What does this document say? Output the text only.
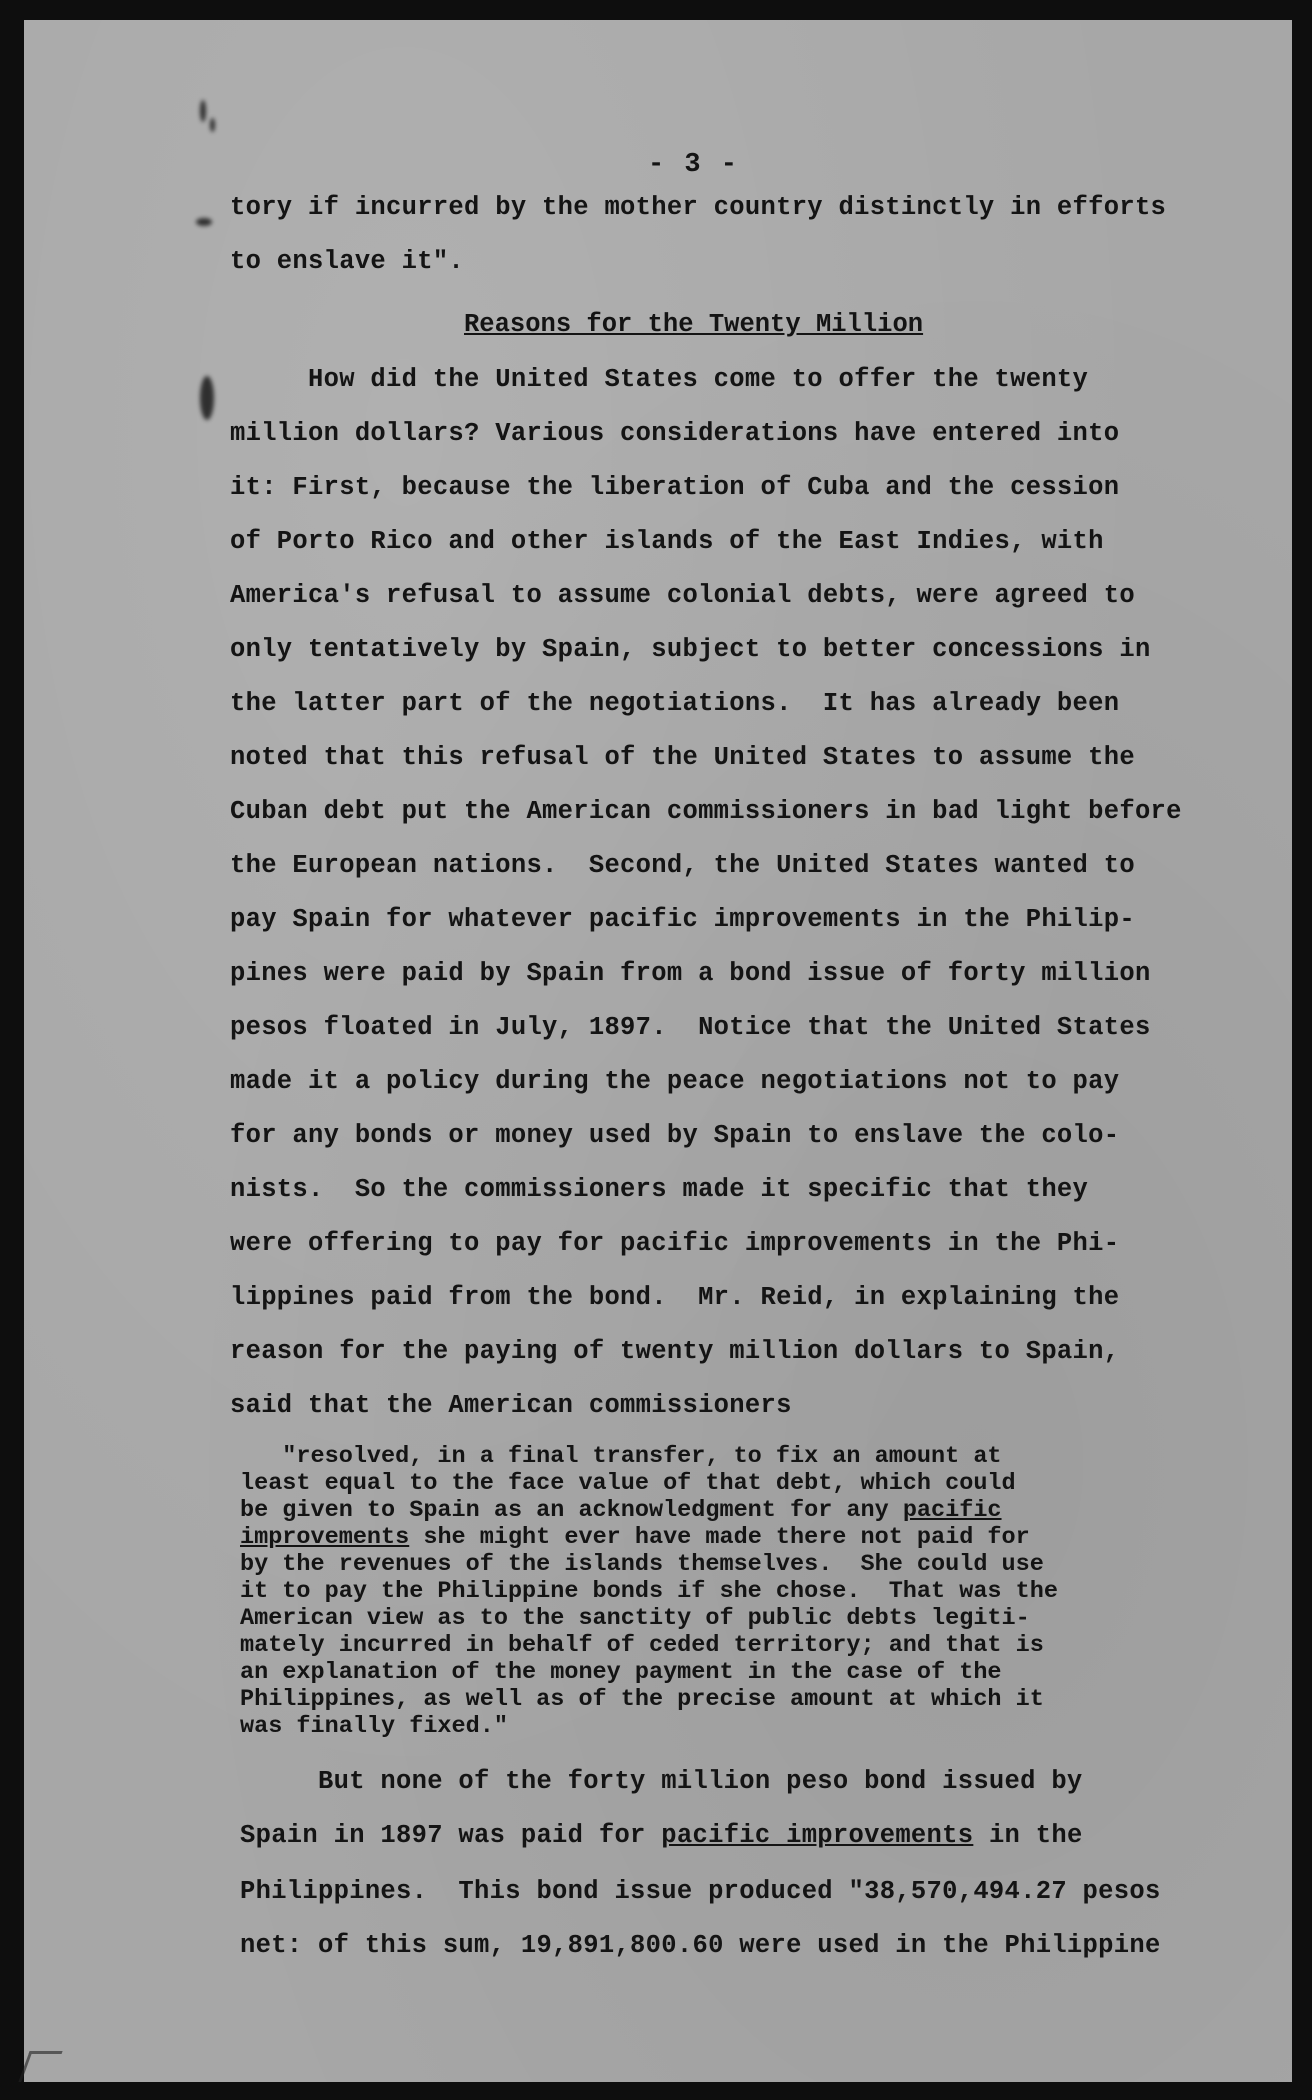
- 3 -
tory if incurred by the mother country distinctly in efforts
to enslave it".
Reasons for the Twenty Million
How did the United States come to offer the twenty
million dollars? Various considerations have entered into
it: First, because the liberation of Cuba and the cession
of Porto Rico and other islands of the East Indies, with
America's refusal to assume colonial debts, were agreed to
only tentatively by Spain, subject to better concessions in
the latter part of the negotiations.  It has already been
noted that this refusal of the United States to assume the
Cuban debt put the American commissioners in bad light before
the European nations.  Second, the United States wanted to
pay Spain for whatever pacific improvements in the Philip-
pines were paid by Spain from a bond issue of forty million
pesos floated in July, 1897.  Notice that the United States
made it a policy during the peace negotiations not to pay
for any bonds or money used by Spain to enslave the colo-
nists.  So the commissioners made it specific that they
were offering to pay for pacific improvements in the Phi-
lippines paid from the bond.  Mr. Reid, in explaining the
reason for the paying of twenty million dollars to Spain,
said that the American commissioners
"resolved, in a final transfer, to fix an amount at
least equal to the face value of that debt, which could
be given to Spain as an acknowledgment for any pacific
improvements she might ever have made there not paid for
by the revenues of the islands themselves.  She could use
it to pay the Philippine bonds if she chose.  That was the
American view as to the sanctity of public debts legiti-
mately incurred in behalf of ceded territory; and that is
an explanation of the money payment in the case of the
Philippines, as well as of the precise amount at which it
was finally fixed."
But none of the forty million peso bond issued by
Spain in 1897 was paid for pacific improvements in the
Philippines.  This bond issue produced "38,570,494.27 pesos
net: of this sum, 19,891,800.60 were used in the Philippine
